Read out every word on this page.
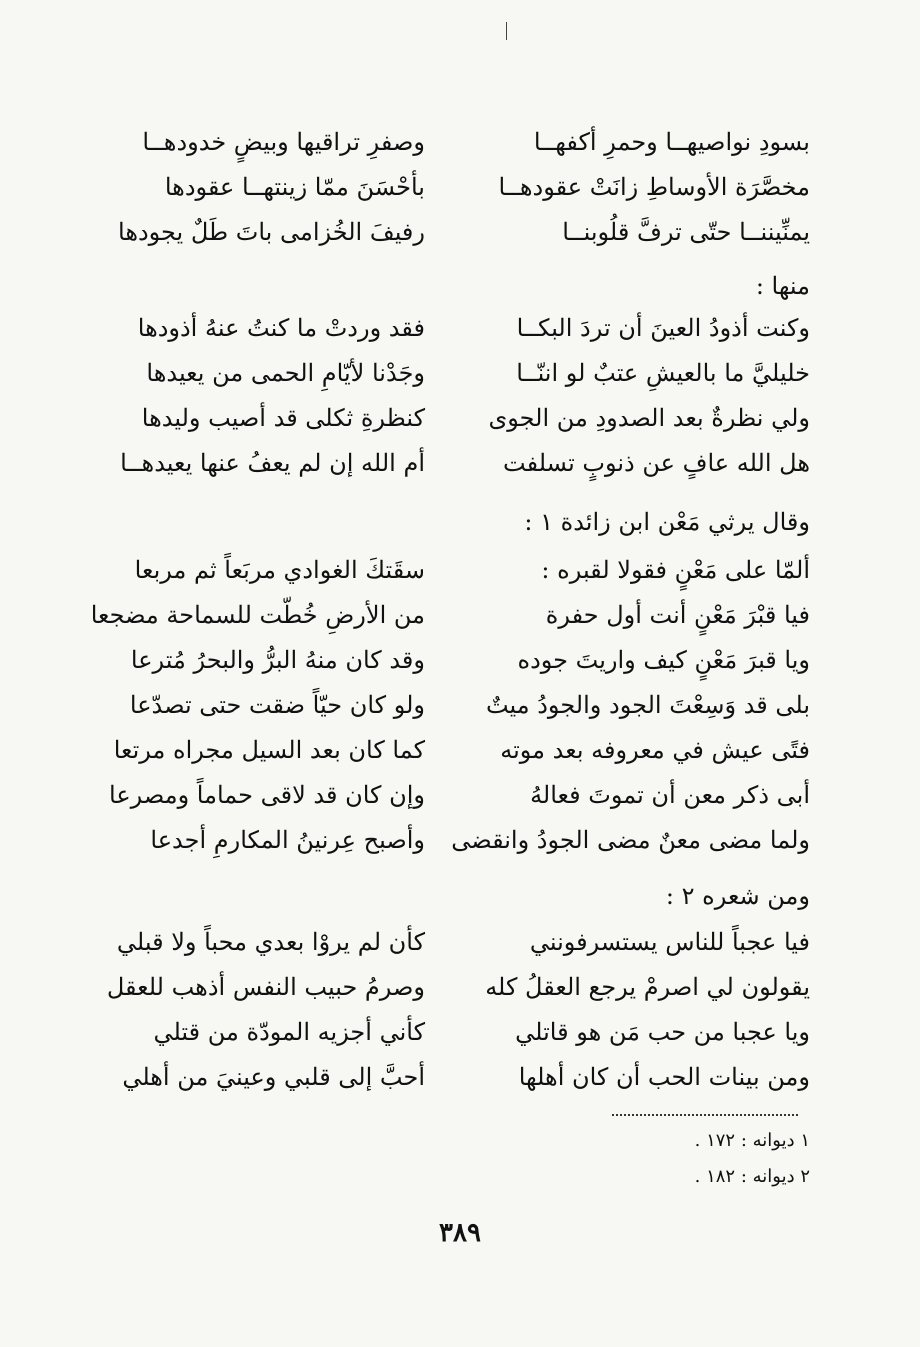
بسودِ نواصيهــا وحمرِ أكفهــا
وصفرِ تراقيها وبيضٍ خدودهــا
مخصَّرَة الأوساطِ زانَتْ عقودهــا
بأحْسَنَ ممّا زينتهــا عقودها
يمنِّيننــا حتّى ترفَّ قلُوبنــا
رفيفَ الخُزامى باتَ طَلٌ يجودها
منها :
وكنت أذودُ العينَ أن تردَ البكــا
فقد وردتْ ما كنتُ عنهُ أذودها
خليليَّ ما بالعيشِ عتبٌ لو اننّــا
وجَدْنا لأيّامِ الحمى من يعيدها
ولي نظرةٌ بعد الصدودِ من الجوى
كنظرةِ ثكلى قد أصيب وليدها
هل الله عافٍ عن ذنوبٍ تسلفت
أم الله إن لم يعفُ عنها يعيدهــا
وقال يرثي مَعْن ابن زائدة ١ :
ألمّا على مَعْنٍ فقولا لقبره :
سقَتكَ الغوادي مربَعاً ثم مربعا
فيا قبْرَ مَعْنٍ أنت أول حفرة
من الأرضِ خُطّت للسماحة مضجعا
ويا قبرَ مَعْنٍ كيف واريتَ جوده
وقد كان منهُ البرُّ والبحرُ مُترعا
بلى قد وَسِعْتَ الجود والجودُ ميتٌ
ولو كان حيّاً ضقت حتى تصدّعا
فتًى عيش في معروفه بعد موته
كما كان بعد السيل مجراه مرتعا
أبى ذكر معن أن تموتَ فعالهُ
وإن كان قد لاقى حماماً ومصرعا
ولما مضى معنٌ مضى الجودُ وانقضى
وأصبح عِرنينُ المكارمِ أجدعا
ومن شعره ٢ :
فيا عجباً للناس يستسرفونني
كأن لم يروْا بعدي محباً ولا قبلي
يقولون لي اصرمْ يرجع العقلُ كله
وصرمُ حبيب النفس أذهب للعقل
ويا عجبا من حب مَن هو قاتلي
كأني أجزيه المودّة من قتلي
ومن بينات الحب أن كان أهلها
أحبَّ إلى قلبي وعينيَ من أهلي
١ ديوانه : ١٧٢ .
٢ ديوانه : ١٨٢ .
٣٨٩
